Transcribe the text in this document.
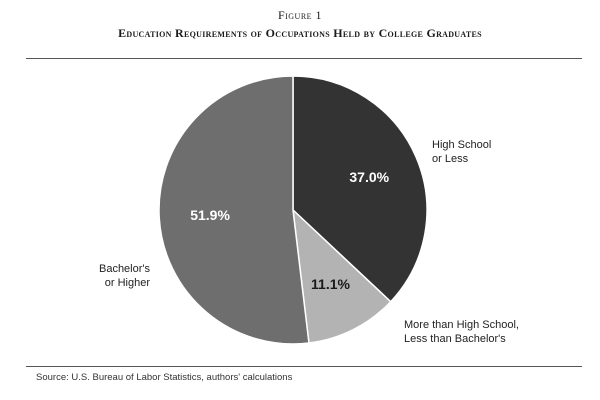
Figure 1
Education Requirements of Occupations Held by College Graduates
37.0%
11.1%
51.9%
High School or Less
More than High School, Less than Bachelor's
Bachelor's or Higher
Source: U.S. Bureau of Labor Statistics, authors' calculations
